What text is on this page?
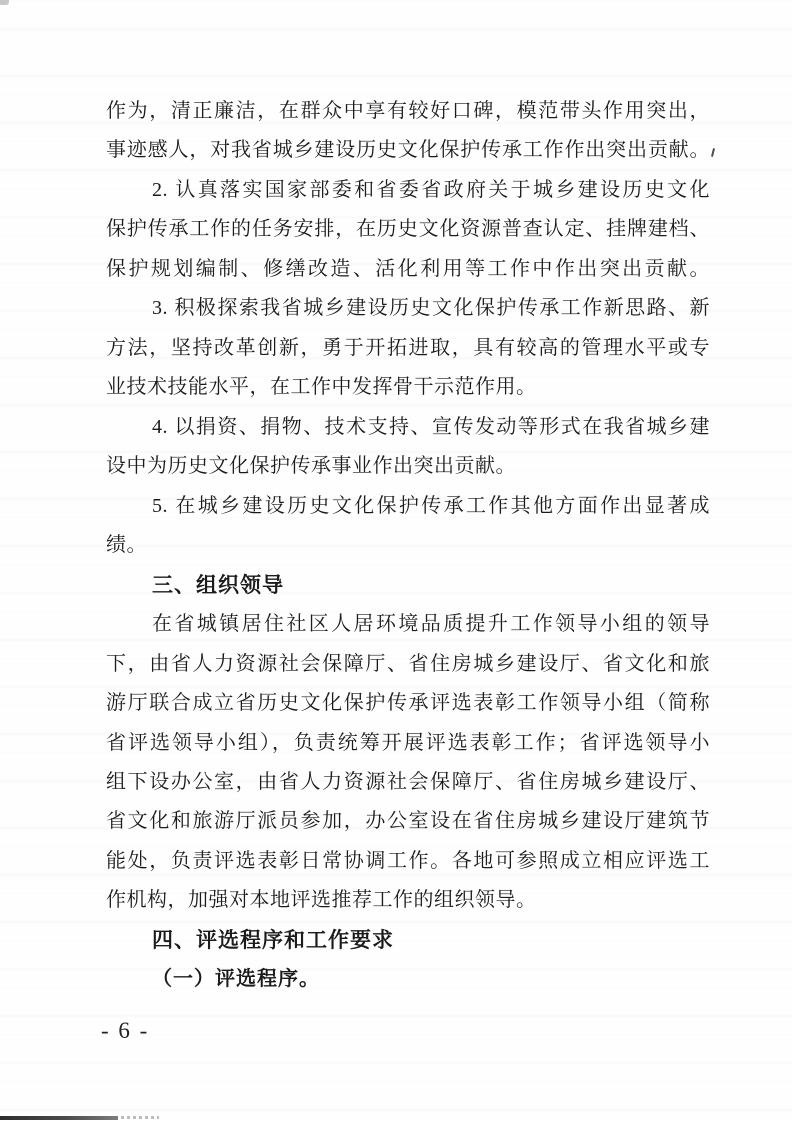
作为，清正廉洁，在群众中享有较好口碑，模范带头作用突出，
事迹感人，对我省城乡建设历史文化保护传承工作作出突出贡献。
2. 认真落实国家部委和省委省政府关于城乡建设历史文化
保护传承工作的任务安排，在历史文化资源普查认定、挂牌建档、
保护规划编制、修缮改造、活化利用等工作中作出突出贡献。
3. 积极探索我省城乡建设历史文化保护传承工作新思路、新
方法，坚持改革创新，勇于开拓进取，具有较高的管理水平或专
业技术技能水平，在工作中发挥骨干示范作用。
4. 以捐资、捐物、技术支持、宣传发动等形式在我省城乡建
设中为历史文化保护传承事业作出突出贡献。
5. 在城乡建设历史文化保护传承工作其他方面作出显著成
绩。
三、组织领导
在省城镇居住社区人居环境品质提升工作领导小组的领导
下，由省人力资源社会保障厅、省住房城乡建设厅、省文化和旅
游厅联合成立省历史文化保护传承评选表彰工作领导小组（简称
省评选领导小组），负责统筹开展评选表彰工作；省评选领导小
组下设办公室，由省人力资源社会保障厅、省住房城乡建设厅、
省文化和旅游厅派员参加，办公室设在省住房城乡建设厅建筑节
能处，负责评选表彰日常协调工作。各地可参照成立相应评选工
作机构，加强对本地评选推荐工作的组织领导。
四、评选程序和工作要求
（一）评选程序。
- 6 -
